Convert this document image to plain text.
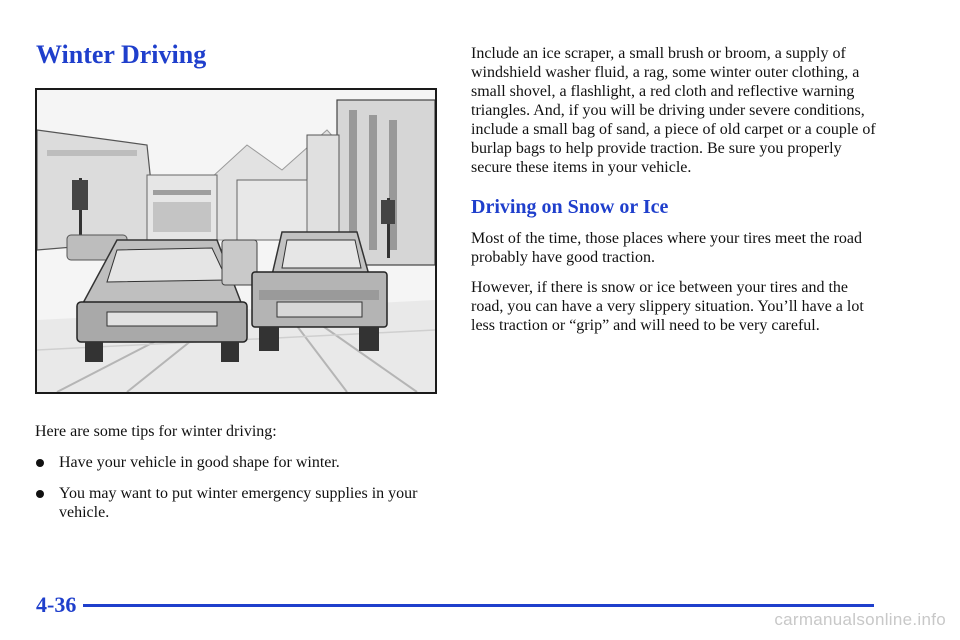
Winter Driving

Here are some tips for winter driving:

Have your vehicle in good shape for winter.
You may want to put winter emergency supplies in your vehicle.

Include an ice scraper, a small brush or broom, a supply of windshield washer fluid, a rag, some winter outer clothing, a small shovel, a flashlight, a red cloth and reflective warning triangles. And, if you will be driving under severe conditions, include a small bag of sand, a piece of old carpet or a couple of burlap bags to help provide traction. Be sure you properly secure these items in your vehicle.

Driving on Snow or Ice

Most of the time, those places where your tires meet the road probably have good traction.

However, if there is snow or ice between your tires and the road, you can have a very slippery situation. You’ll have a lot less traction or “grip” and will need to be very careful.

4-36
carmanualsonline.info
